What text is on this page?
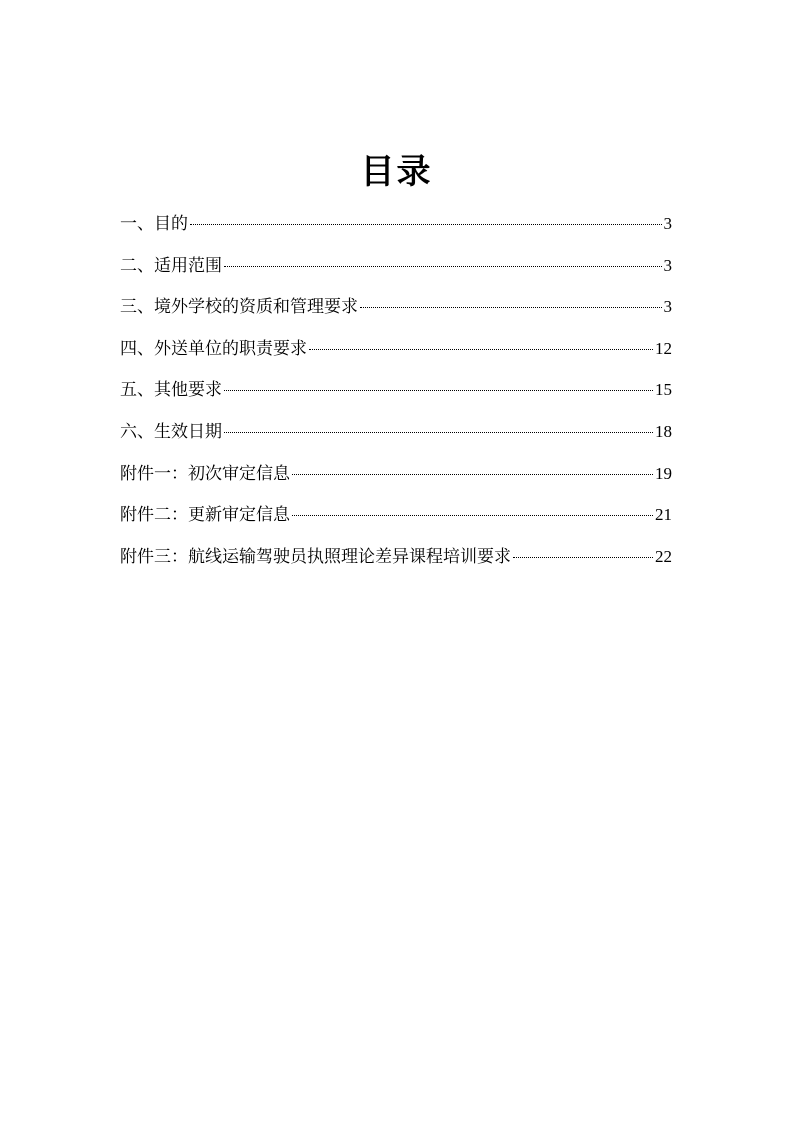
目录
一、目的	3
二、适用范围	3
三、境外学校的资质和管理要求	3
四、外送单位的职责要求	12
五、其他要求	15
六、生效日期	18
附件一：初次审定信息	19
附件二：更新审定信息	21
附件三：航线运输驾驶员执照理论差异课程培训要求	22
